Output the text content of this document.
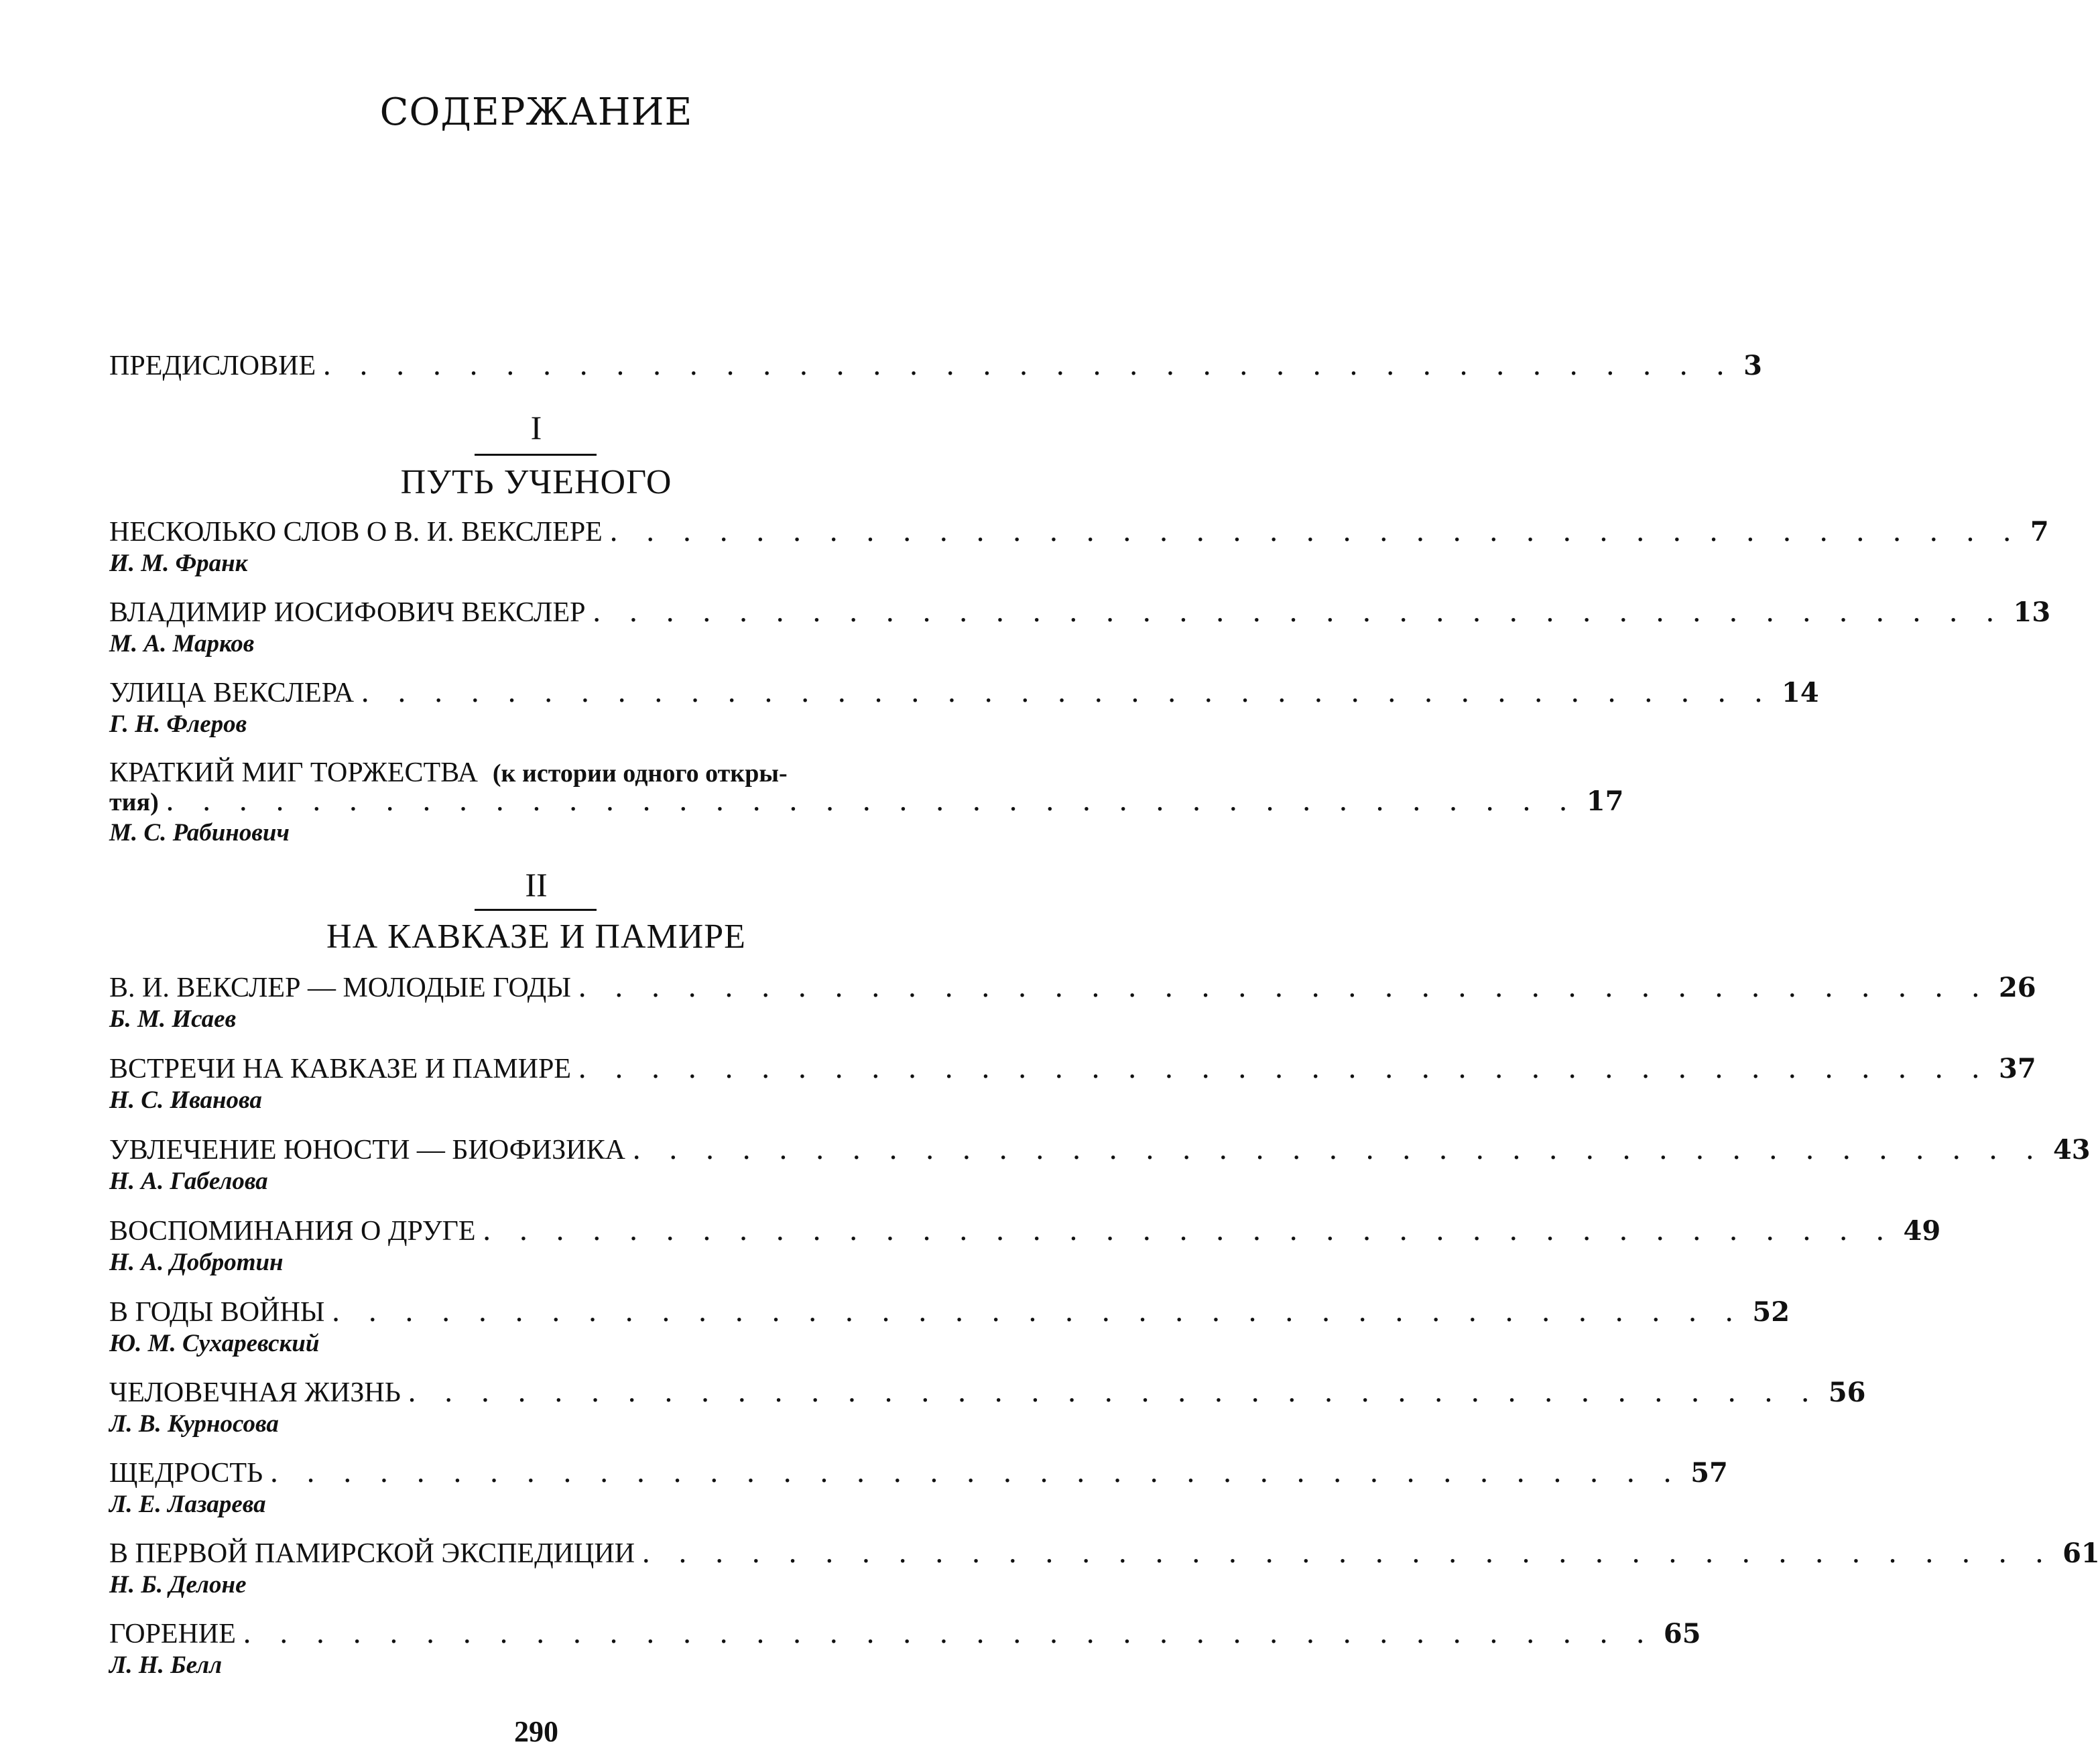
СОДЕРЖАНИЕ
ПРЕДИСЛОВИЕ . . . . . . . . . . . . . . . . . . . . . . . . . . . . . . . . . . . . . . . 3
I
ПУТЬ УЧЕНОГО
НЕСКОЛЬКО СЛОВ О В. И. ВЕКСЛЕРЕ . . . . . . . . . . . . . . . . . . . . . . . . . . . . . . . . . . . . . . . 7
И. М. Франк
ВЛАДИМИР ИОСИФОВИЧ ВЕКСЛЕР . . . . . . . . . . . . . . . . . . . . . . . . . . . . . . . . . . . . . . . 13
М. А. Марков
УЛИЦА ВЕКСЛЕРА . . . . . . . . . . . . . . . . . . . . . . . . . . . . . . . . . . . . . . . 14
Г. Н. Флеров
КРАТКИЙ МИГ ТОРЖЕСТВА (к истории одного откры-
тия) . . . . . . . . . . . . . . . . . . . . . . . . . . . . . . . . . . . . . . . 17
М. С. Рабинович
II
НА КАВКАЗЕ И ПАМИРЕ
В. И. ВЕКСЛЕР — МОЛОДЫЕ ГОДЫ . . . . . . . . . . . . . . . . . . . . . . . . . . . . . . . . . . . . . . . 26
Б. М. Исаев
ВСТРЕЧИ НА КАВКАЗЕ И ПАМИРЕ . . . . . . . . . . . . . . . . . . . . . . . . . . . . . . . . . . . . . . . 37
Н. С. Иванова
УВЛЕЧЕНИЕ ЮНОСТИ — БИОФИЗИКА . . . . . . . . . . . . . . . . . . . . . . . . . . . . . . . . . . . . . . . 43
Н. А. Габелова
ВОСПОМИНАНИЯ О ДРУГЕ . . . . . . . . . . . . . . . . . . . . . . . . . . . . . . . . . . . . . . . 49
Н. А. Добротин
В ГОДЫ ВОЙНЫ . . . . . . . . . . . . . . . . . . . . . . . . . . . . . . . . . . . . . . . 52
Ю. М. Сухаревский
ЧЕЛОВЕЧНАЯ ЖИЗНЬ . . . . . . . . . . . . . . . . . . . . . . . . . . . . . . . . . . . . . . . 56
Л. В. Курносова
ЩЕДРОСТЬ . . . . . . . . . . . . . . . . . . . . . . . . . . . . . . . . . . . . . . . 57
Л. Е. Лазарева
В ПЕРВОЙ ПАМИРСКОЙ ЭКСПЕДИЦИИ . . . . . . . . . . . . . . . . . . . . . . . . . . . . . . . . . . . . . . . 61
Н. Б. Делоне
ГОРЕНИЕ . . . . . . . . . . . . . . . . . . . . . . . . . . . . . . . . . . . . . . . 65
Л. Н. Белл
290
